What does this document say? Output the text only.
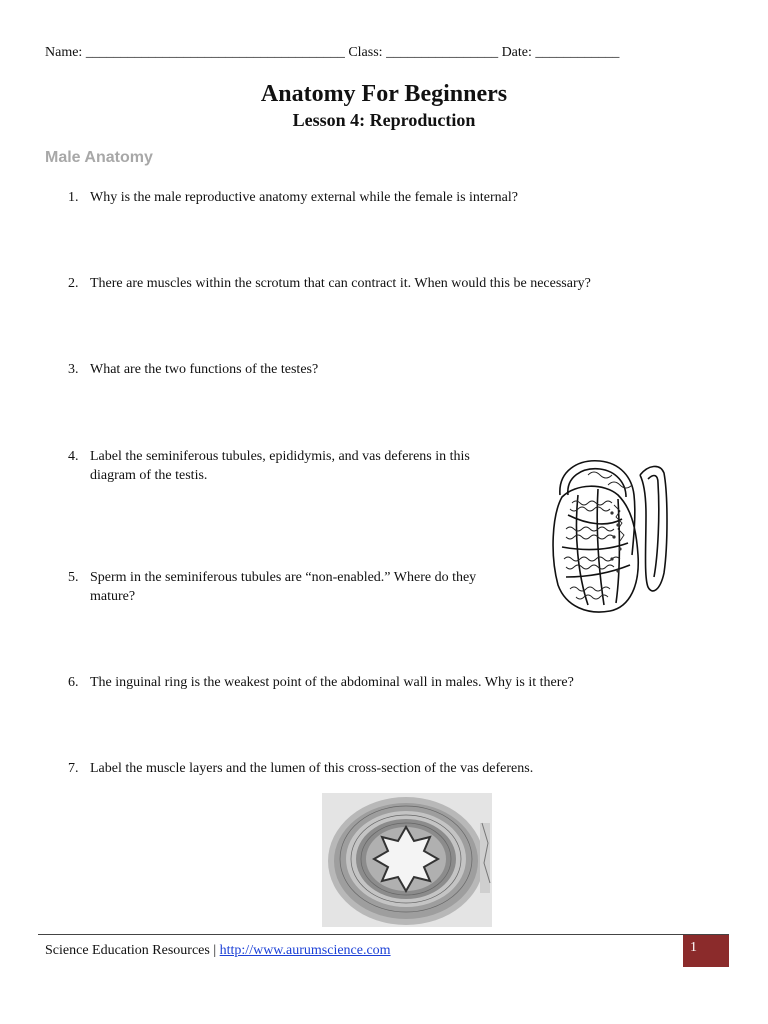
Name: _____________________________________ Class: ________________ Date: ____________
Anatomy For Beginners
Lesson 4: Reproduction
Male Anatomy
1. Why is the male reproductive anatomy external while the female is internal?
2. There are muscles within the scrotum that can contract it. When would this be necessary?
3. What are the two functions of the testes?
4. Label the seminiferous tubules, epididymis, and vas deferens in this
diagram of the testis.
5. Sperm in the seminiferous tubules are “non-enabled.” Where do they
mature?
6. The inguinal ring is the weakest point of the abdominal wall in males. Why is it there?
7. Label the muscle layers and the lumen of this cross-section of the vas deferens.
Science Education Resources | http://www.aurumscience.com	1
